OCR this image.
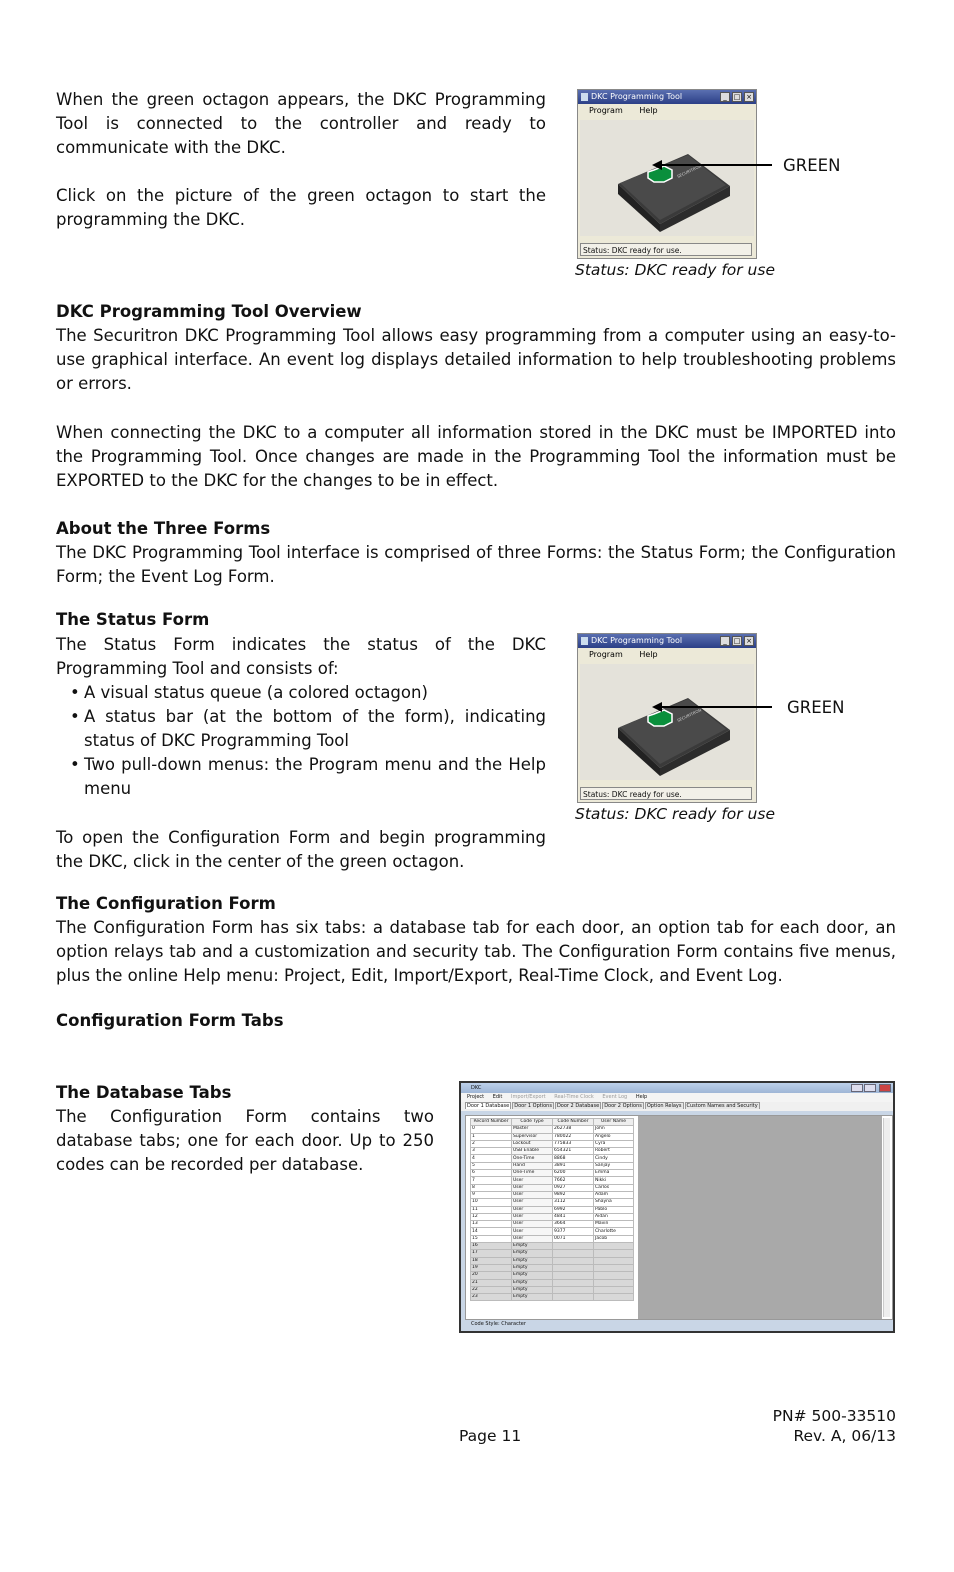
When the green octagon appears, the DKC Programming Tool is connected to the controller and ready to communicate with the DKC.

Click on the picture of the green octagon to start the programming the DKC.

DKC Programming Tool	_ □ ×
Program Help
SECURITRON
Status: DKC ready for use.
GREEN
Status: DKC ready for use

DKC Programming Tool Overview

The Securitron DKC Programming Tool allows easy programming from a computer using an easy-to-use graphical interface. An event log displays detailed information to help troubleshooting problems or errors.

When connecting the DKC to a computer all information stored in the DKC must be IMPORTED into the Programming Tool. Once changes are made in the Programming Tool the information must be EXPORTED to the DKC for the changes to be in effect.

About the Three Forms

The DKC Programming Tool interface is comprised of three Forms: the Status Form; the Configuration Form; the Event Log Form.

The Status Form

The Status Form indicates the status of the DKC Programming Tool and consists of:

• A visual status queue (a colored octagon)
• A status bar (at the bottom of the form), indicating status of DKC Programming Tool
• Two pull-down menus: the Program menu and the Help menu

To open the Configuration Form and begin programming the DKC, click in the center of the green octagon.

DKC Programming Tool	_ □ ×
Program Help
SECURITRON
Status: DKC ready for use.
GREEN
Status: DKC ready for use

The Configuration Form

The Configuration Form has six tabs: a database tab for each door, an option tab for each door, an option relays tab and a customization and security tab. The Configuration Form contains five menus, plus the online Help menu: Project, Edit, Import/Export, Real-Time Clock, and Event Log.

Configuration Form Tabs

The Database Tabs

The Configuration Form contains two database tabs; one for each door. Up to 250 codes can be recorded per database.

DKC
Project Edit Import/Export Real-Time Clock Event Log Help
Door 1 Database Door 1 Options Door 2 Database Door 2 Options Option Relays Custom Names and Security
Record Number	Code Type	Code Number	User Name
0	Master	262738	John
1	Supervisor	780022	Angelo
2	Lockout	775833	Cyra
3	USB Enable	654321	Robert
4	One-Time	8868	Cindy
5	Hand	3891	Sanjay
6	One-Time	6200	Emma
7	User	7662	Nikki
8	User	0927	Carlos
9	User	9892	Adam
10	User	3112	Shayna
11	User	6992	Pablo
12	User	4841	Aidan
13	User	3664	Mavin
14	User	9377	Charlotte
15	User	0071	Jacob
16	Empty		
17	Empty		
18	Empty		
19	Empty		
20	Empty		
21	Empty		
22	Empty		
23	Empty		
Code Style: Character
Page 11
PN# 500-33510
Rev. A, 06/13
